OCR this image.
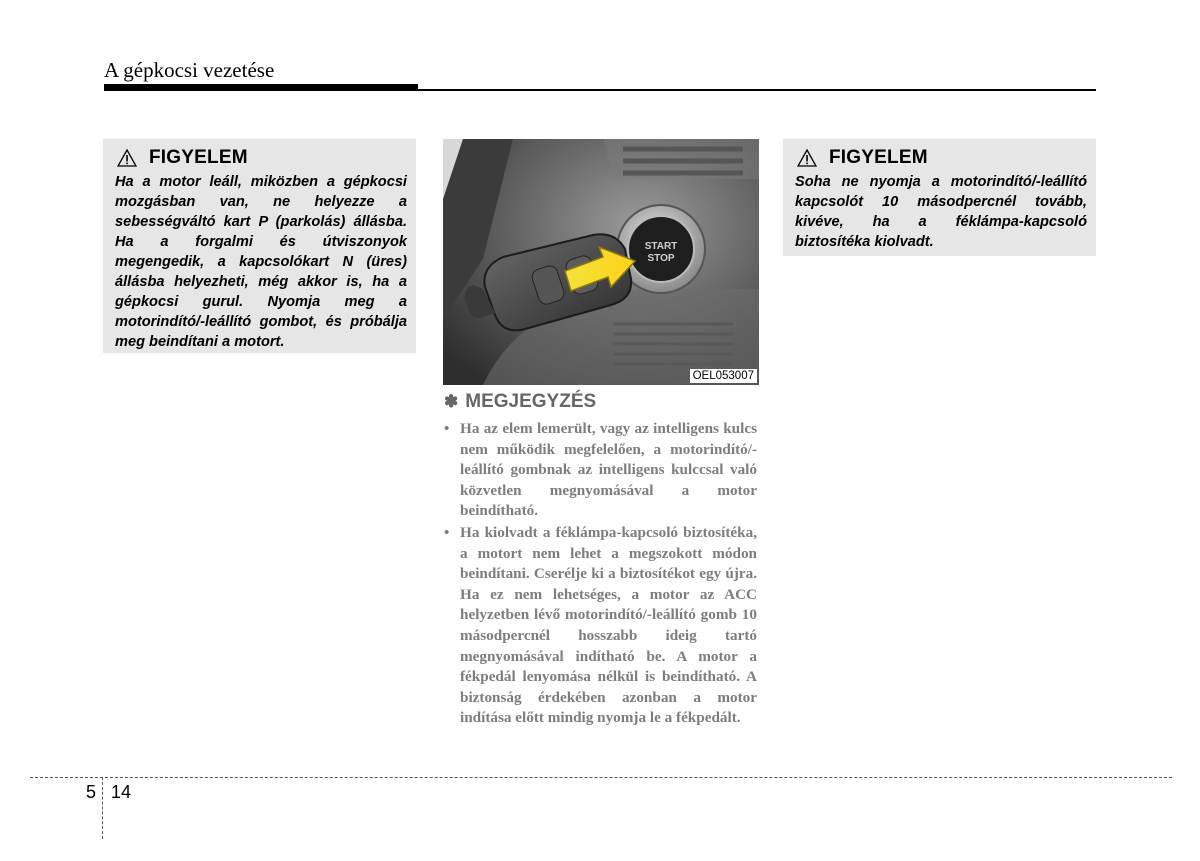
A gépkocsi vezetése
FIGYELEM
Ha a motor leáll, miközben a gépkocsi mozgásban van, ne helyezze a sebességváltó kart P (parkolás) állásba. Ha a forgalmi és útviszonyok megengedik, a kapcsolókart N (üres) állásba helyezheti, még akkor is, ha a gépkocsi gurul. Nyomja meg a motorindító/-leállító gombot, és próbálja meg beindítani a motort.
START
STOP
OEL053007
✽ MEGJEGYZÉS
• Ha az elem lemerült, vagy az intelligens kulcs nem működik megfelelően, a motorindító/-leállító gombnak az intelligens kulccsal való közvetlen megnyomásával a motor beindítható.
• Ha kiolvadt a féklámpa-kapcsoló biztosítéka, a motort nem lehet a megszokott módon beindítani. Cserélje ki a biztosítékot egy újra. Ha ez nem lehetséges, a motor az ACC helyzetben lévő motorindító/-leállító gomb 10 másodpercnél hosszabb ideig tartó megnyomásával indítható be. A motor a fékpedál lenyomása nélkül is beindítható. A biztonság érdekében azonban a motor indítása előtt mindig nyomja le a fékpedált.
FIGYELEM
Soha ne nyomja a motorindító/-leállító kapcsolót 10 másodpercnél tovább, kivéve, ha a féklámpa-kapcsoló biztosítéka kiolvadt.
5 14
